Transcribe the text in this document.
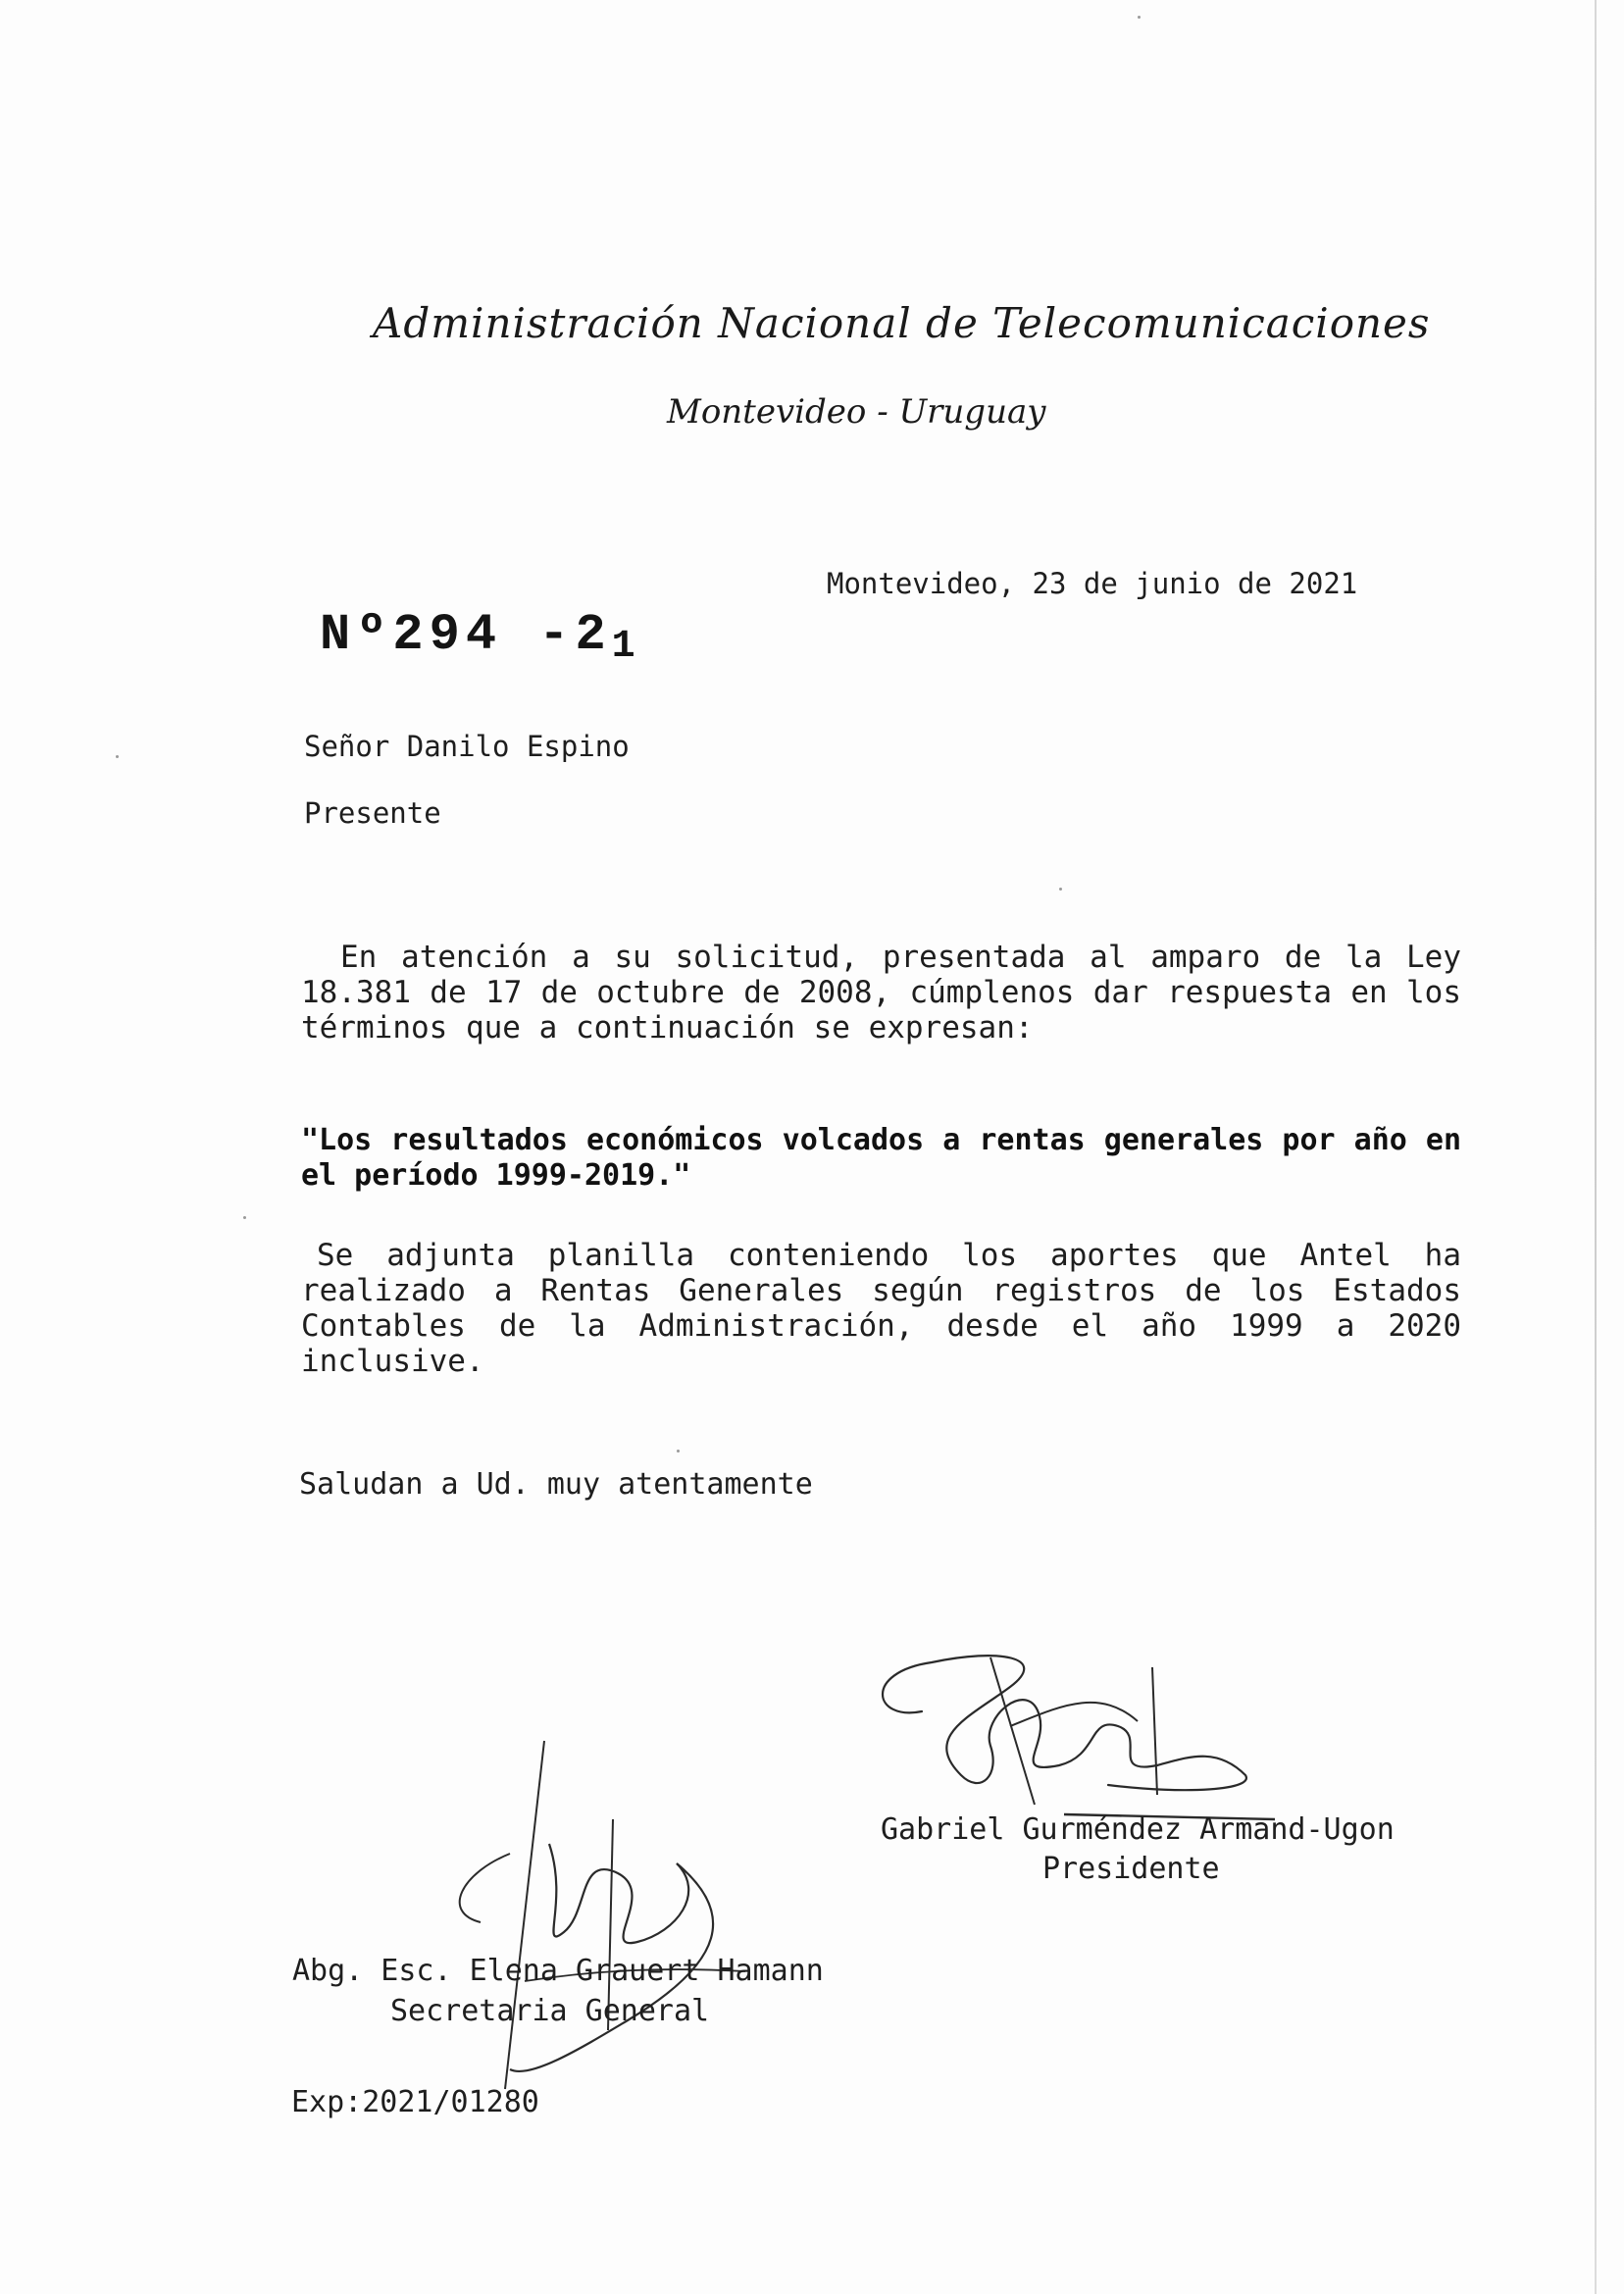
Administración Nacional de Telecomunicaciones
Montevideo - Uruguay
Montevideo, 23 de junio de 2021
Nº294 -21
Señor Danilo Espino
Presente
En atención a su solicitud, presentada al amparo de la Ley 18.381 de 17 de octubre de 2008, cúmplenos dar respuesta en los términos que a continuación se expresan:
"Los resultados económicos volcados a rentas generales por año en el período 1999-2019."
Se adjunta planilla conteniendo los aportes que Antel ha realizado a Rentas Generales según registros de los Estados Contables de la Administración, desde el año 1999 a 2020 inclusive.
Saludan a Ud. muy atentamente
Gabriel Gurméndez Armand-Ugon
Presidente
Abg. Esc. Elena Grauert Hamann
Secretaria General
Exp:2021/01280
